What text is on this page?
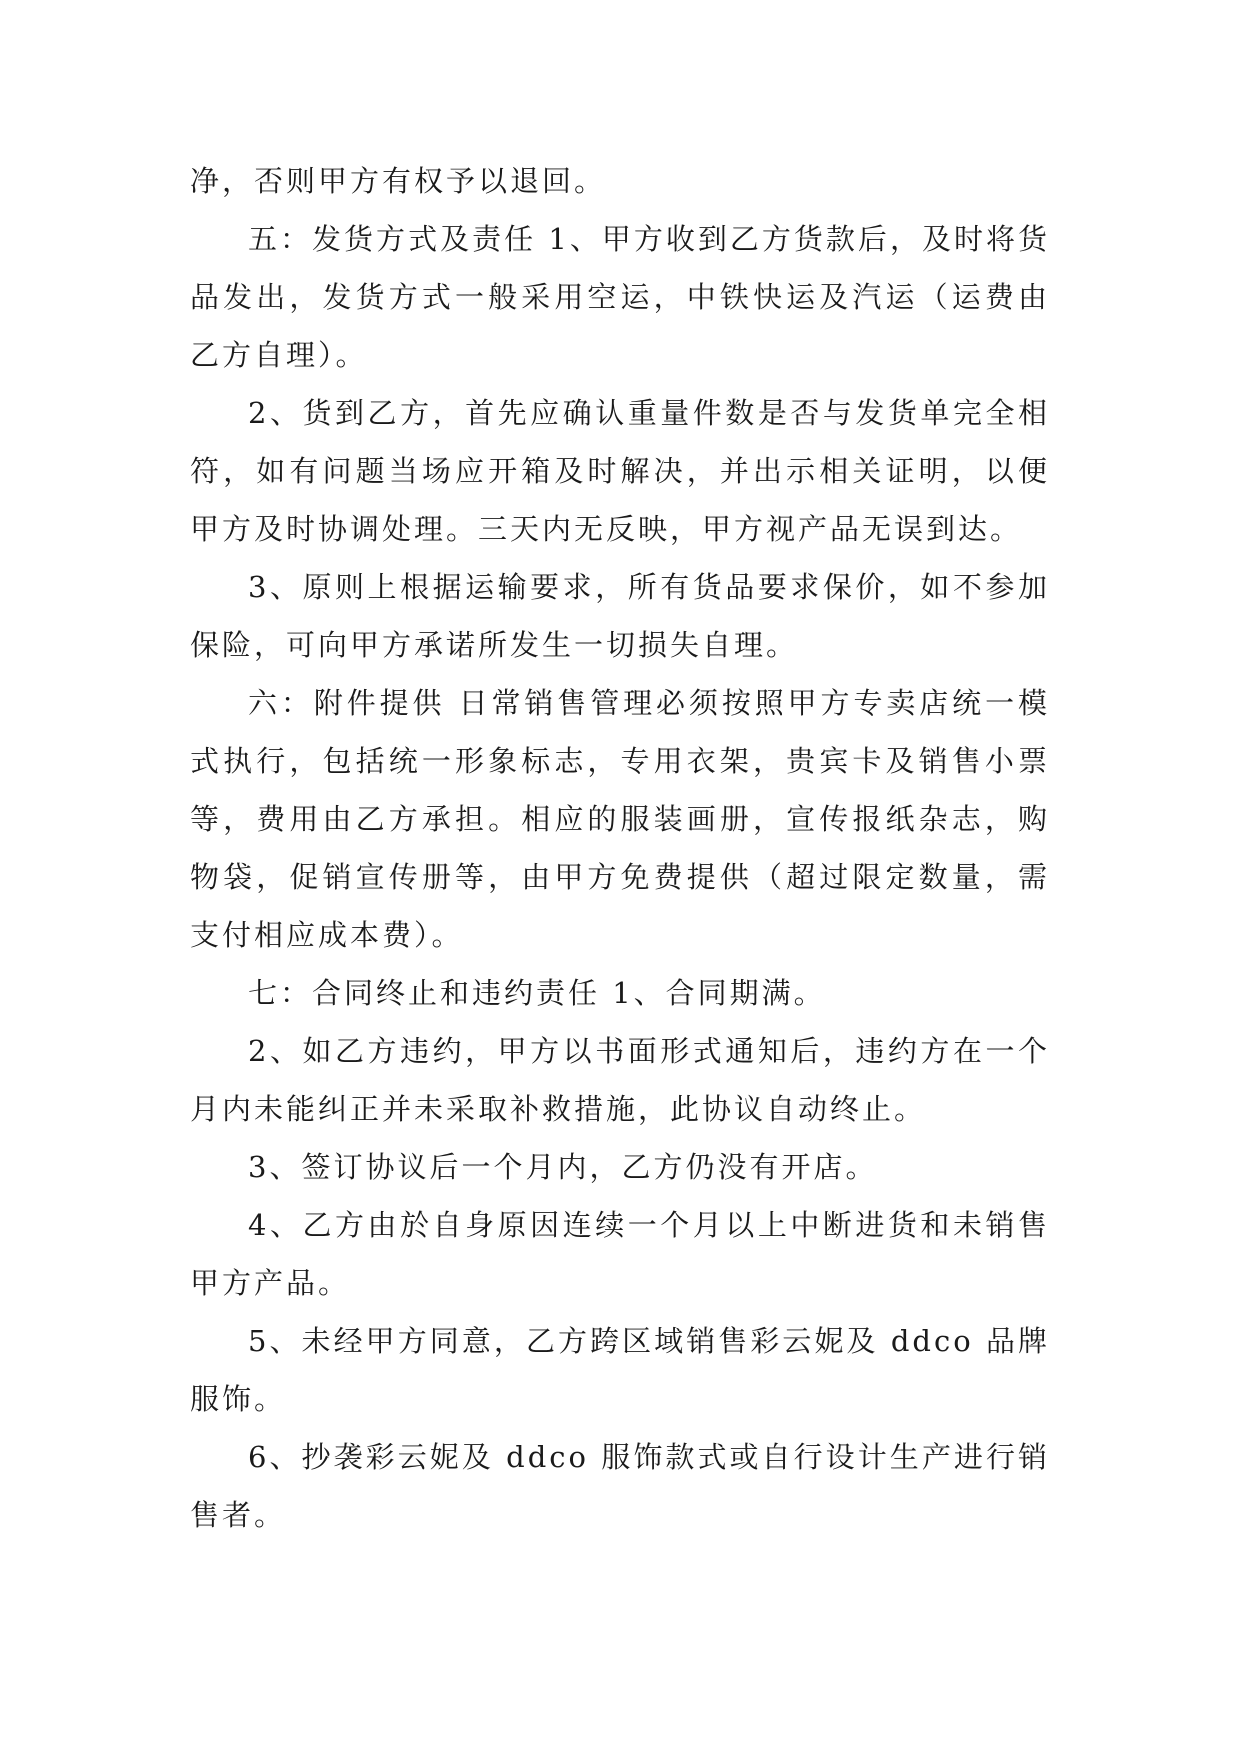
净，否则甲方有权予以退回。

五：发货方式及责任 1、甲方收到乙方货款后，及时将货品发出，发货方式一般采用空运，中铁快运及汽运（运费由乙方自理）。

2、货到乙方，首先应确认重量件数是否与发货单完全相符，如有问题当场应开箱及时解决，并出示相关证明，以便甲方及时协调处理。三天内无反映，甲方视产品无误到达。

3、原则上根据运输要求，所有货品要求保价，如不参加保险，可向甲方承诺所发生一切损失自理。

六：附件提供 日常销售管理必须按照甲方专卖店统一模式执行，包括统一形象标志，专用衣架，贵宾卡及销售小票等，费用由乙方承担。相应的服装画册，宣传报纸杂志，购物袋，促销宣传册等，由甲方免费提供（超过限定数量，需支付相应成本费）。

七：合同终止和违约责任 1、合同期满。

2、如乙方违约，甲方以书面形式通知后，违约方在一个月内未能纠正并未采取补救措施，此协议自动终止。

3、签订协议后一个月内，乙方仍没有开店。

4、乙方由於自身原因连续一个月以上中断进货和未销售甲方产品。

5、未经甲方同意，乙方跨区域销售彩云妮及 ddco 品牌服饰。

6、抄袭彩云妮及 ddco 服饰款式或自行设计生产进行销售者。
